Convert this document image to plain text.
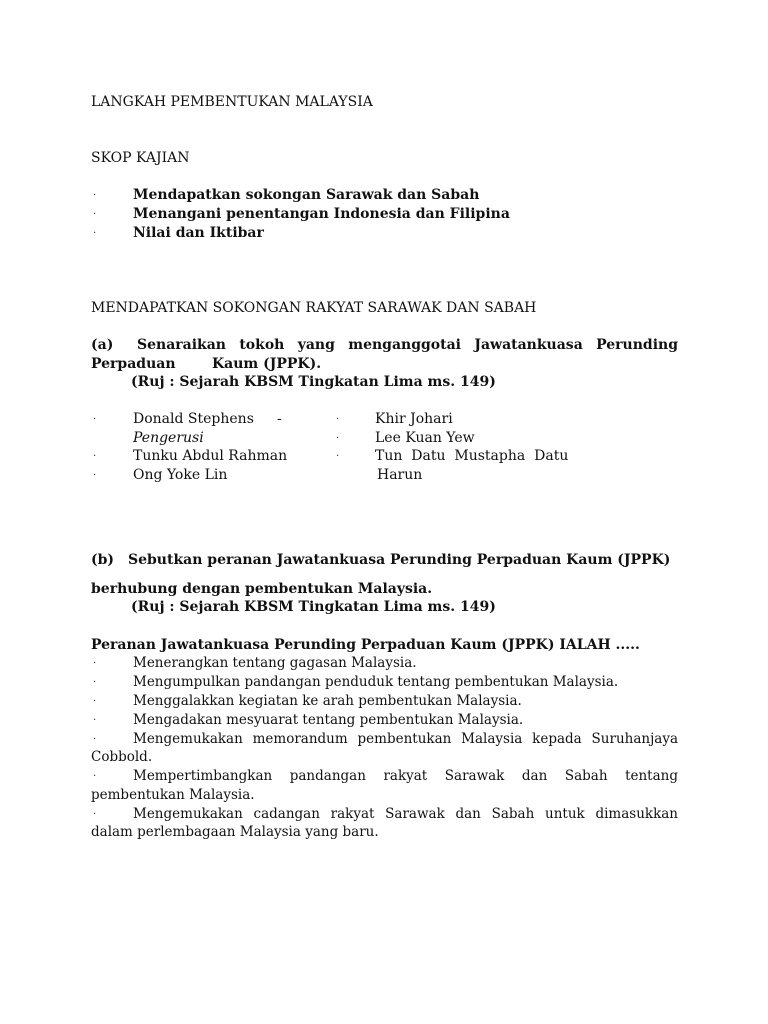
LANGKAH PEMBENTUKAN MALAYSIA
SKOP KAJIAN
·	Mendapatkan sokongan Sarawak dan Sabah
·	Menangani penentangan Indonesia dan Filipina
·	Nilai dan Iktibar
MENDAPATKAN SOKONGAN RAKYAT SARAWAK DAN SABAH
(a) Senaraikan tokoh yang menganggotai Jawatankuasa Perunding
Perpaduan	Kaum (JPPK).
(Ruj : Sejarah KBSM Tingkatan Lima ms. 149)
·	Donald Stephens -
Pengerusi
·	Tunku Abdul Rahman
·	Ong Yoke Lin
·	Khir Johari
·	Lee Kuan Yew
·	Tun  Datu  Mustapha  Datu
Harun
(b) Sebutkan peranan Jawatankuasa Perunding Perpaduan Kaum (JPPK)
berhubung dengan pembentukan Malaysia.
(Ruj : Sejarah KBSM Tingkatan Lima ms. 149)
Peranan Jawatankuasa Perunding Perpaduan Kaum (JPPK) IALAH .....
·	Menerangkan tentang gagasan Malaysia.
·	Mengumpulkan pandangan penduduk tentang pembentukan Malaysia.
·	Menggalakkan kegiatan ke arah pembentukan Malaysia.
·	Mengadakan mesyuarat tentang pembentukan Malaysia.
·	Mengemukakan memorandum pembentukan Malaysia kepada Suruhanjaya
Cobbold.
·	Mempertimbangkan pandangan rakyat Sarawak dan Sabah tentang
pembentukan Malaysia.
·	Mengemukakan cadangan rakyat Sarawak dan Sabah untuk dimasukkan
dalam perlembagaan Malaysia yang baru.
